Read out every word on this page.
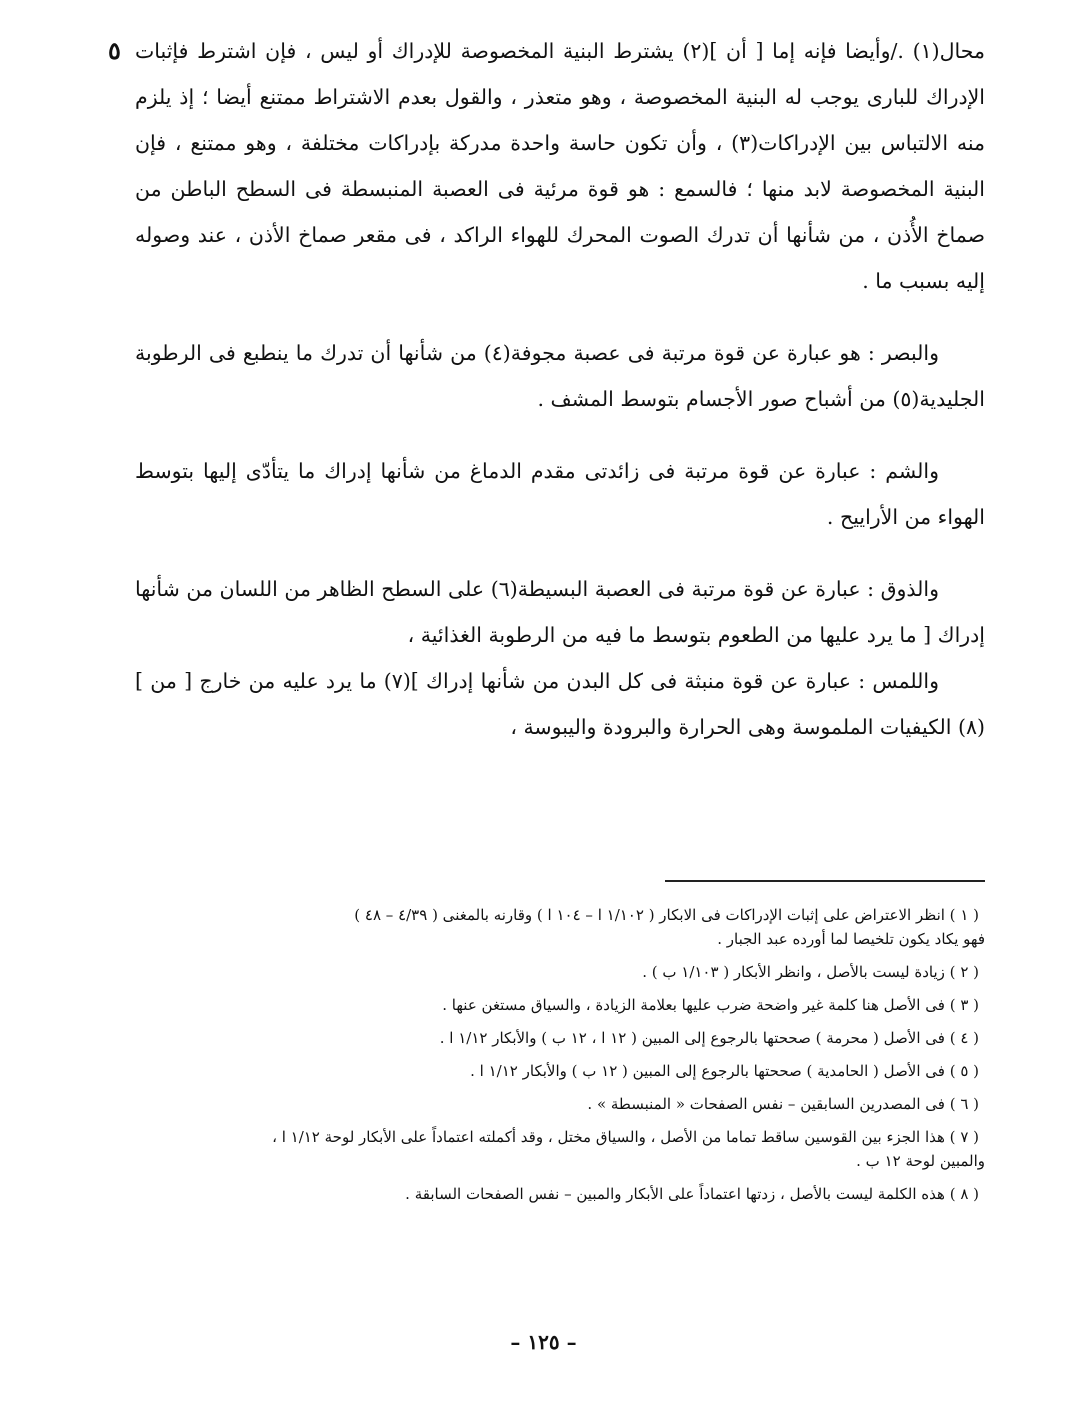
٥ محال(١) ./وأيضا فإنه إما [ أن ](٢) يشترط البنية المخصوصة للإدراك أو ليس ، فإن اشترط فإثبات الإدراك للبارى يوجب له البنية المخصوصة ، وهو متعذر ، والقول بعدم الاشتراط ممتنع أيضا ؛ إذ يلزم منه الالتباس بين الإدراكات(٣) ، وأن تكون حاسة واحدة مدركة بإدراكات مختلفة ، وهو ممتنع ، فإن البنية المخصوصة لابد منها ؛ فالسمع : هو قوة مرئية فى العصبة المنبسطة فى السطح الباطن من صماخ الأُذن ، من شأنها أن تدرك الصوت المحرك للهواء الراكد ، فى مقعر صماخ الأذن ، عند وصوله إليه بسبب ما .

والبصر : هو عبارة عن قوة مرتبة فى عصبة مجوفة(٤) من شأنها أن تدرك ما ينطبع فى الرطوبة الجليدية(٥) من أشباح صور الأجسام بتوسط المشف .

والشم : عبارة عن قوة مرتبة فى زائدتى مقدم الدماغ من شأنها إدراك ما يتأدّى إليها بتوسط الهواء من الأراييح .

والذوق : عبارة عن قوة مرتبة فى العصبة البسيطة(٦) على السطح الظاهر من اللسان من شأنها إدراك [ ما يرد عليها من الطعوم بتوسط ما فيه من الرطوبة الغذائية ،

واللمس : عبارة عن قوة منبثة فى كل البدن من شأنها إدراك ](٧) ما يرد عليه من خارج [ من ](٨) الكيفيات الملموسة وهى الحرارة والبرودة واليبوسة ،

( ١ ) انظر الاعتراض على إثبات الإدراكات فى الابكار ( ١/١٠٢ ا – ١٠٤ ا ) وقارنه بالمغنى ( ٤/٣٩ – ٤٨ )
فهو يكاد يكون تلخيصا لما أورده عبد الجبار .

( ٢ ) زيادة ليست بالأصل ، وانظر الأبكار ( ١/١٠٣ ب ) .

( ٣ ) فى الأصل هنا كلمة غير واضحة ضرب عليها بعلامة الزيادة ، والسياق مستغن عنها .

( ٤ ) فى الأصل ( محرمة ) صححتها بالرجوع إلى المبين ( ١٢ ا ، ١٢ ب ) والأبكار ١/١٢ ا .

( ٥ ) فى الأصل ( الحامدية ) صححتها بالرجوع إلى المبين ( ١٢ ب ) والأبكار ١/١٢ ا .

( ٦ ) فى المصدرين السابقين – نفس الصفحات « المنبسطة » .

( ٧ ) هذا الجزء بين القوسين ساقط تماما من الأصل ، والسياق مختل ، وقد أكملته اعتماداً على الأبكار لوحة ١/١٢ ا ،
والمبين لوحة ١٢ ب .

( ٨ ) هذه الكلمة ليست بالأصل ، زدتها اعتماداً على الأبكار والمبين – نفس الصفحات السابقة .

– ١٢٥ –
